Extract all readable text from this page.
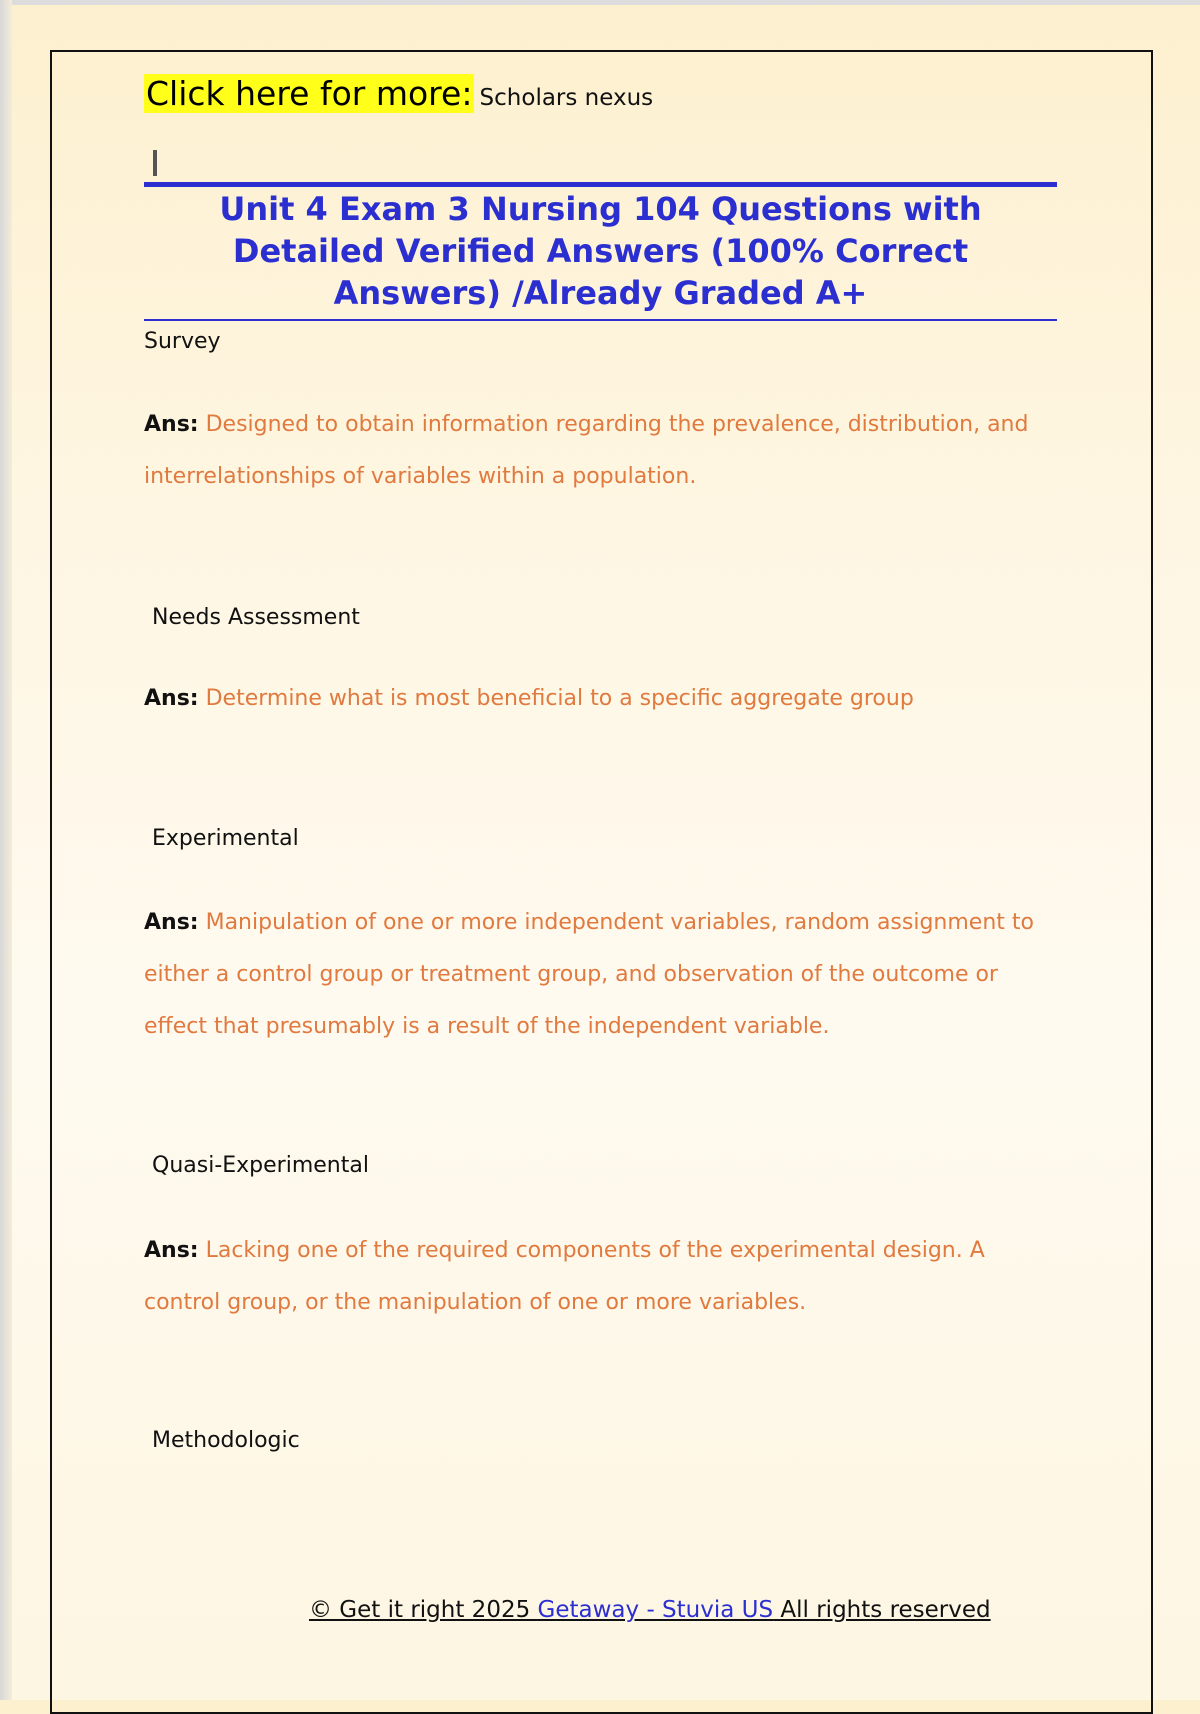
Click here for more: Scholars nexus
Unit 4 Exam 3 Nursing 104 Questions with Detailed Verified Answers (100% Correct Answers) /Already Graded A+
Survey
Ans: Designed to obtain information regarding the prevalence, distribution, and interrelationships of variables within a population.
Needs Assessment
Ans: Determine what is most beneficial to a specific aggregate group
Experimental
Ans: Manipulation of one or more independent variables, random assignment to either a control group or treatment group, and observation of the outcome or effect that presumably is a result of the independent variable.
Quasi-Experimental
Ans: Lacking one of the required components of the experimental design. A control group, or the manipulation of one or more variables.
Methodologic
© Get it right 2025 Getaway - Stuvia US All rights reserved
